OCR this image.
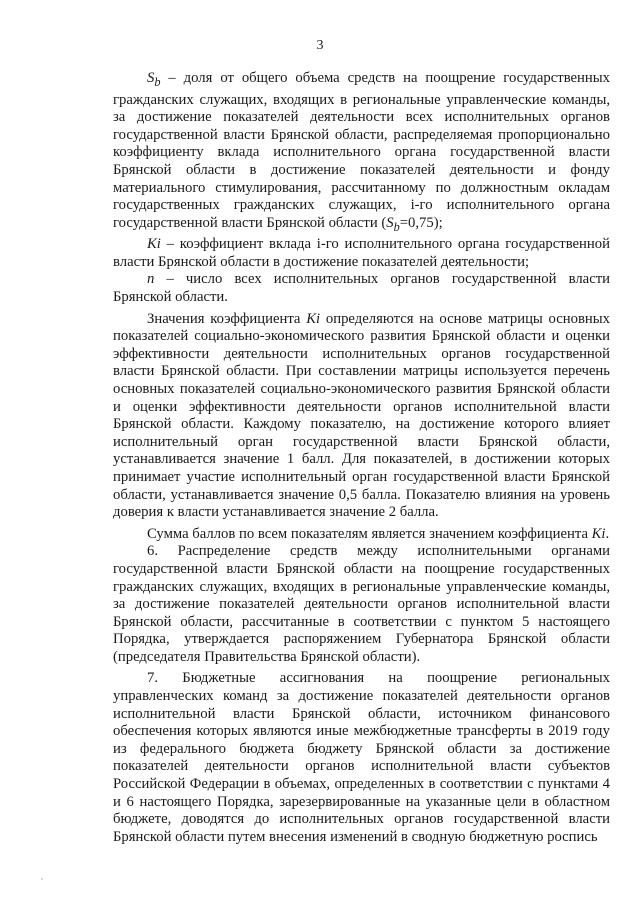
3

$S_b$ – доля от общего объема средств на поощрение государственных гражданских служащих, входящих в региональные управленческие команды, за достижение показателей деятельности всех исполнительных органов государственной власти Брянской области, распределяемая пропорционально коэффициенту вклада исполнительного органа государственной власти Брянской области в достижение показателей деятельности и фонду материального стимулирования, рассчитанному по должностным окладам государственных гражданских служащих, i-го исполнительного органа государственной власти Брянской области $(S_b=0,75)$;

Ki – коэффициент вклада i-го исполнительного органа государственной власти Брянской области в достижение показателей деятельности;

n – число всех исполнительных органов государственной власти Брянской области.

Значения коэффициента Ki определяются на основе матрицы основных показателей социально-экономического развития Брянской области и оценки эффективности деятельности исполнительных органов государственной власти Брянской области. При составлении матрицы используется перечень основных показателей социально-экономического развития Брянской области и оценки эффективности деятельности органов исполнительной власти Брянской области. Каждому показателю, на достижение которого влияет исполнительный орган государственной власти Брянской области, устанавливается значение 1 балл. Для показателей, в достижении которых принимает участие исполнительный орган государственной власти Брянской области, устанавливается значение 0,5 балла. Показателю влияния на уровень доверия к власти устанавливается значение 2 балла.

Сумма баллов по всем показателям является значением коэффициента Ki.

6. Распределение средств между исполнительными органами государственной власти Брянской области на поощрение государственных гражданских служащих, входящих в региональные управленческие команды, за достижение показателей деятельности органов исполнительной власти Брянской области, рассчитанные в соответствии с пунктом 5 настоящего Порядка, утверждается распоряжением Губернатора Брянской области (председателя Правительства Брянской области).

7. Бюджетные ассигнования на поощрение региональных управленческих команд за достижение показателей деятельности органов исполнительной власти Брянской области, источником финансового обеспечения которых являются иные межбюджетные трансферты в 2019 году из федерального бюджета бюджету Брянской области за достижение показателей деятельности органов исполнительной власти субъектов Российской Федерации в объемах, определенных в соответствии с пунктами 4 и 6 настоящего Порядка, зарезервированные на указанные цели в областном бюджете, доводятся до исполнительных органов государственной власти Брянской области путем внесения изменений в сводную бюджетную роспись
